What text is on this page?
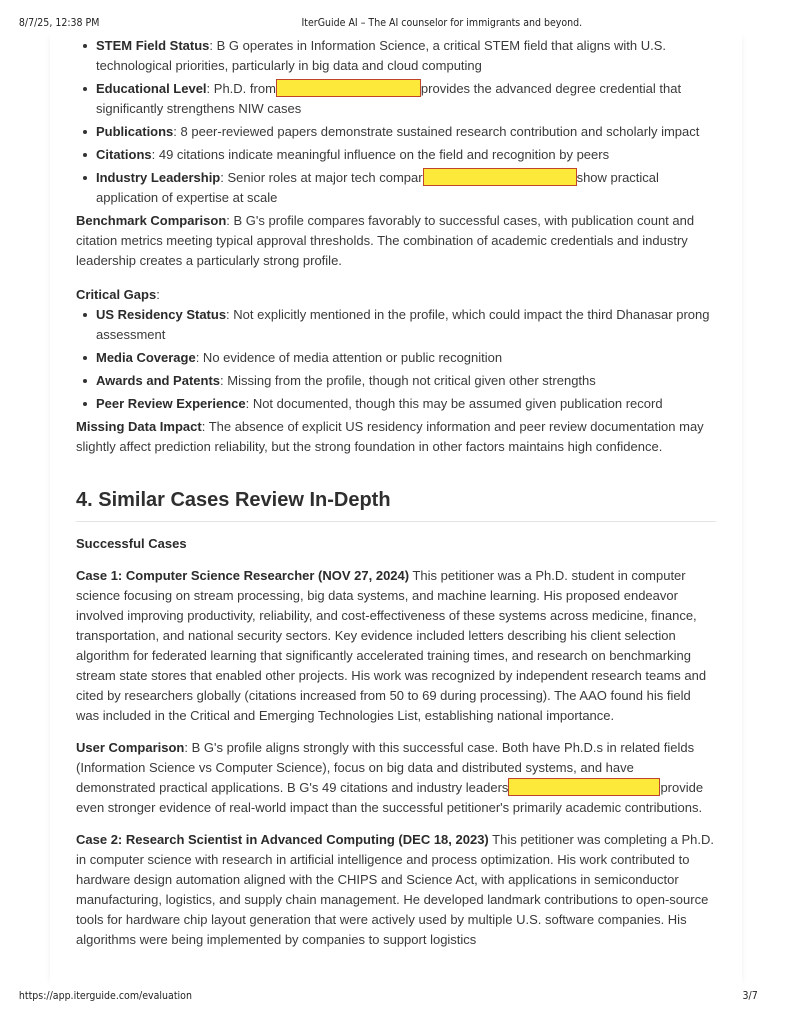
8/7/25, 12:38 PM	IterGuide AI – The AI counselor for immigrants and beyond.
STEM Field Status: B G operates in Information Science, a critical STEM field that aligns with U.S. technological priorities, particularly in big data and cloud computing
Educational Level: Ph.D. from	provides the advanced degree credential that significantly strengthens NIW cases
Publications: 8 peer-reviewed papers demonstrate sustained research contribution and scholarly impact
Citations: 49 citations indicate meaningful influence on the field and recognition by peers
Industry Leadership: Senior roles at major tech compar	show practical application of expertise at scale

Benchmark Comparison: B G's profile compares favorably to successful cases, with publication count and citation metrics meeting typical approval thresholds. The combination of academic credentials and industry leadership creates a particularly strong profile.

Critical Gaps:

US Residency Status: Not explicitly mentioned in the profile, which could impact the third Dhanasar prong assessment
Media Coverage: No evidence of media attention or public recognition
Awards and Patents: Missing from the profile, though not critical given other strengths
Peer Review Experience: Not documented, though this may be assumed given publication record

Missing Data Impact: The absence of explicit US residency information and peer review documentation may slightly affect prediction reliability, but the strong foundation in other factors maintains high confidence.

4. Similar Cases Review In-Depth
Successful Cases

Case 1: Computer Science Researcher (NOV 27, 2024) This petitioner was a Ph.D. student in computer science focusing on stream processing, big data systems, and machine learning. His proposed endeavor involved improving productivity, reliability, and cost-effectiveness of these systems across medicine, finance, transportation, and national security sectors. Key evidence included letters describing his client selection algorithm for federated learning that significantly accelerated training times, and research on benchmarking stream state stores that enabled other projects. His work was recognized by independent research teams and cited by researchers globally (citations increased from 50 to 69 during processing). The AAO found his field was included in the Critical and Emerging Technologies List, establishing national importance.

User Comparison: B G's profile aligns strongly with this successful case. Both have Ph.D.s in related fields (Information Science vs Computer Science), focus on big data and distributed systems, and have demonstrated practical applications. B G's 49 citations and industry leaders	provide even stronger evidence of real-world impact than the successful petitioner's primarily academic contributions.

Case 2: Research Scientist in Advanced Computing (DEC 18, 2023) This petitioner was completing a Ph.D. in computer science with research in artificial intelligence and process optimization. His work contributed to hardware design automation aligned with the CHIPS and Science Act, with applications in semiconductor manufacturing, logistics, and supply chain management. He developed landmark contributions to open-source tools for hardware chip layout generation that were actively used by multiple U.S. software companies. His algorithms were being implemented by companies to support logistics

https://app.iterguide.com/evaluation	3/7
